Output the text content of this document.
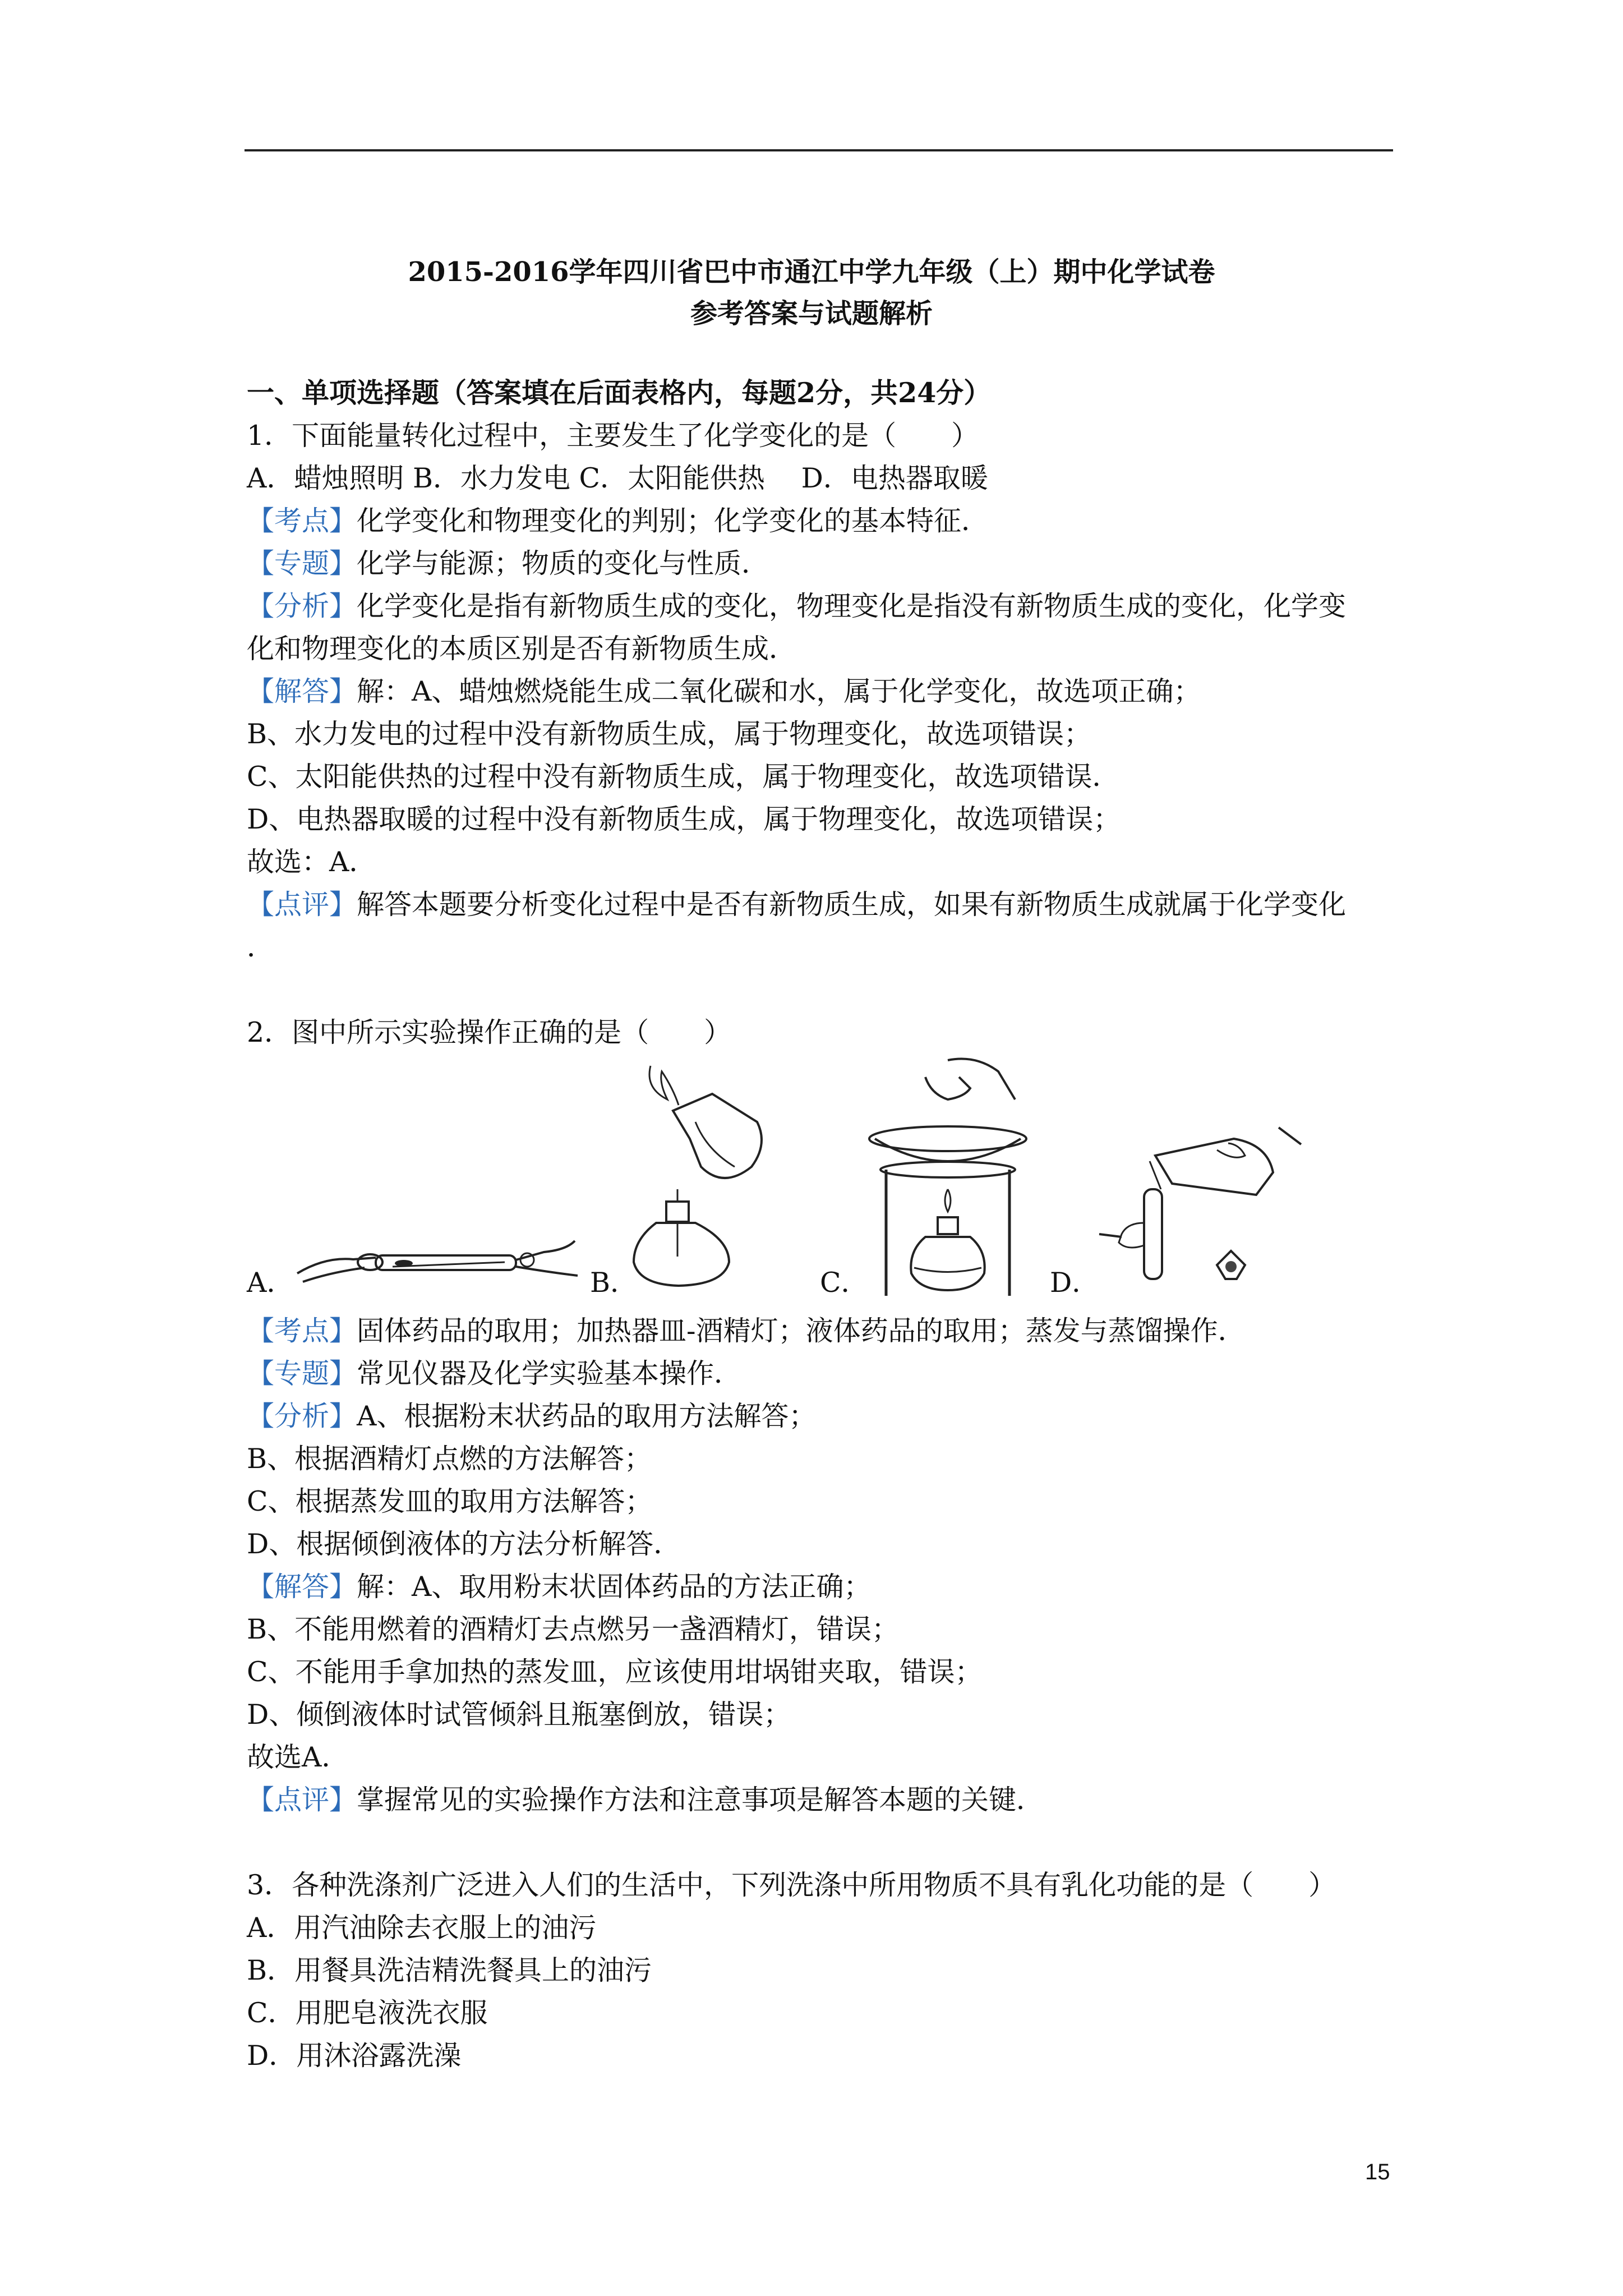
2015-2016学年四川省巴中市通江中学九年级（上）期中化学试卷
参考答案与试题解析
一、单项选择题（答案填在后面表格内，每题2分，共24分）
1．下面能量转化过程中，主要发生了化学变化的是（　　）
A．蜡烛照明 B．水力发电 C．太阳能供热　 D．电热器取暖
【考点】化学变化和物理变化的判别；化学变化的基本特征．
【专题】化学与能源；物质的变化与性质．
【分析】化学变化是指有新物质生成的变化，物理变化是指没有新物质生成的变化，化学变
化和物理变化的本质区别是否有新物质生成．
【解答】解：A、蜡烛燃烧能生成二氧化碳和水，属于化学变化，故选项正确；
B、水力发电的过程中没有新物质生成，属于物理变化，故选项错误；
C、太阳能供热的过程中没有新物质生成，属于物理变化，故选项错误．
D、电热器取暖的过程中没有新物质生成，属于物理变化，故选项错误；
故选：A．
【点评】解答本题要分析变化过程中是否有新物质生成，如果有新物质生成就属于化学变化
．
2．图中所示实验操作正确的是（　　）
A．	B．	C．	D．
【考点】固体药品的取用；加热器皿-酒精灯；液体药品的取用；蒸发与蒸馏操作．
【专题】常见仪器及化学实验基本操作．
【分析】A、根据粉末状药品的取用方法解答；
B、根据酒精灯点燃的方法解答；
C、根据蒸发皿的取用方法解答；
D、根据倾倒液体的方法分析解答．
【解答】解：A、取用粉末状固体药品的方法正确；
B、不能用燃着的酒精灯去点燃另一盏酒精灯，错误；
C、不能用手拿加热的蒸发皿，应该使用坩埚钳夹取，错误；
D、倾倒液体时试管倾斜且瓶塞倒放，错误；
故选A．
【点评】掌握常见的实验操作方法和注意事项是解答本题的关键．
3．各种洗涤剂广泛进入人们的生活中，下列洗涤中所用物质不具有乳化功能的是（　　）
A．用汽油除去衣服上的油污
B．用餐具洗洁精洗餐具上的油污
C．用肥皂液洗衣服
D．用沐浴露洗澡
15
